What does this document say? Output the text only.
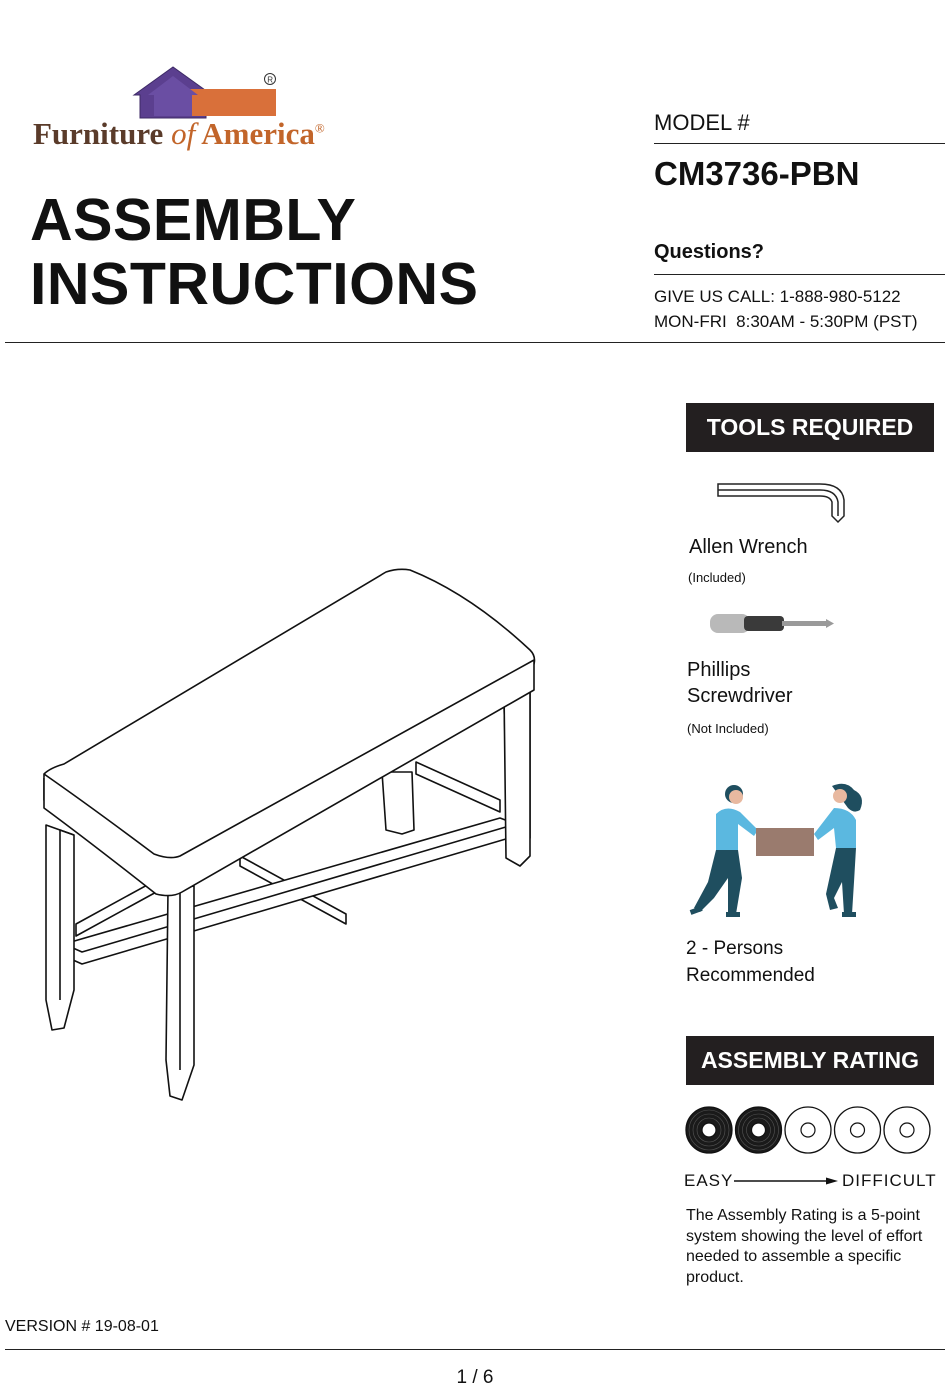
R
Furniture of America®
ASSEMBLY
INSTRUCTIONS
MODEL #
CM3736-PBN
Questions?
GIVE US CALL: 1-888-980-5122
MON-FRI  8:30AM - 5:30PM (PST)
TOOLS REQUIRED
Allen Wrench
(Included)
Phillips
Screwdriver
(Not Included)
2 - Persons
Recommended
ASSEMBLY RATING
EASY	DIFFICULT
The Assembly Rating is a 5-point system showing the level of effort needed to assemble a specific product.
VERSION # 19-08-01
1 / 6
